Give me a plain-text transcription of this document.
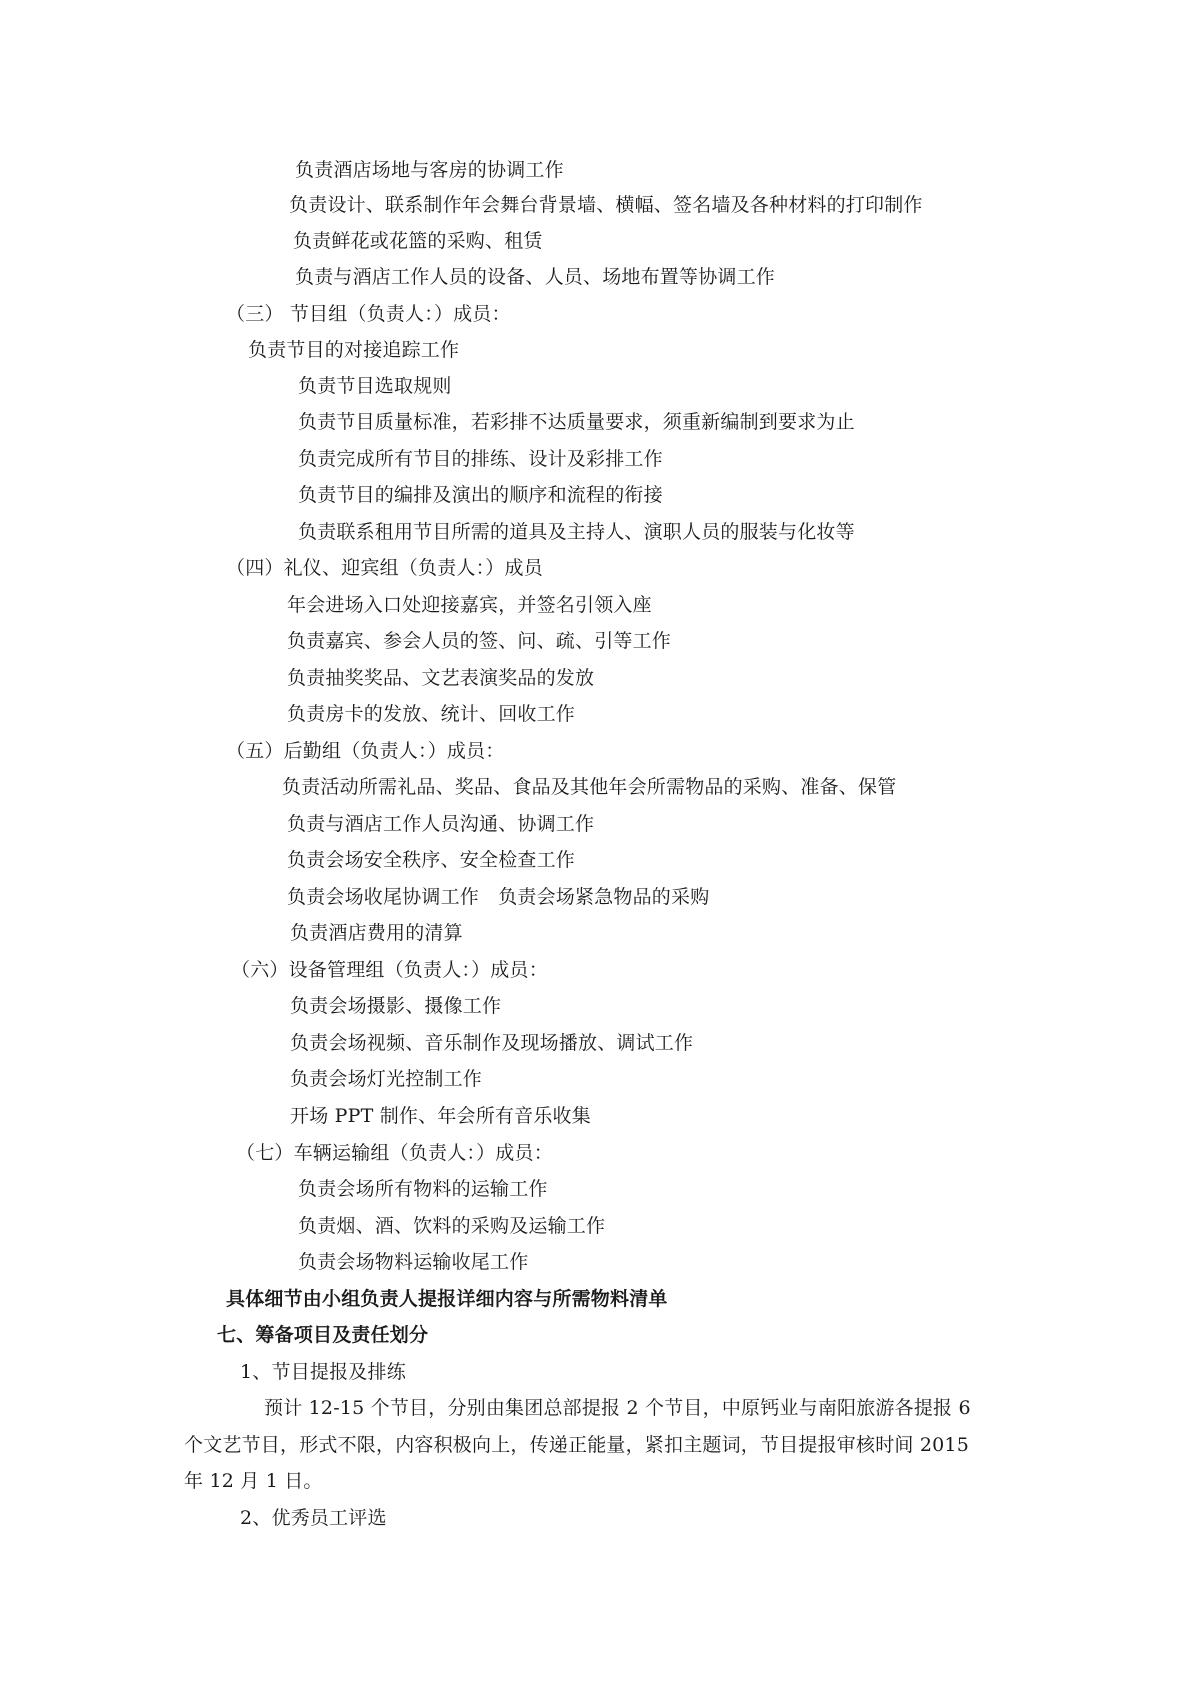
负责酒店场地与客房的协调工作
负责设计、联系制作年会舞台背景墙、横幅、签名墙及各种材料的打印制作
负责鲜花或花篮的采购、租赁
负责与酒店工作人员的设备、人员、场地布置等协调工作
（三） 节目组（负责人：）成员：
负责节目的对接追踪工作
负责节目选取规则
负责节目质量标准，若彩排不达质量要求，须重新编制到要求为止
负责完成所有节目的排练、设计及彩排工作
负责节目的编排及演出的顺序和流程的衔接
负责联系租用节目所需的道具及主持人、演职人员的服装与化妆等
（四）礼仪、迎宾组（负责人：）成员
年会进场入口处迎接嘉宾，并签名引领入座
负责嘉宾、参会人员的签、问、疏、引等工作
负责抽奖奖品、文艺表演奖品的发放
负责房卡的发放、统计、回收工作
（五）后勤组（负责人：）成员：
负责活动所需礼品、奖品、食品及其他年会所需物品的采购、准备、保管
负责与酒店工作人员沟通、协调工作
负责会场安全秩序、安全检查工作
负责会场收尾协调工作　负责会场紧急物品的采购
负责酒店费用的清算
（六）设备管理组（负责人：）成员：
负责会场摄影、摄像工作
负责会场视频、音乐制作及现场播放、调试工作
负责会场灯光控制工作
开场 PPT 制作、年会所有音乐收集
（七）车辆运输组（负责人：）成员：
负责会场所有物料的运输工作
负责烟、酒、饮料的采购及运输工作
负责会场物料运输收尾工作
具体细节由小组负责人提报详细内容与所需物料清单
七、筹备项目及责任划分
1、节目提报及排练
预计 12-15 个节目，分别由集团总部提报 2 个节目，中原钙业与南阳旅游各提报 6
个文艺节目，形式不限，内容积极向上，传递正能量，紧扣主题词，节目提报审核时间 2015
年 12 月 1 日。
2、优秀员工评选
